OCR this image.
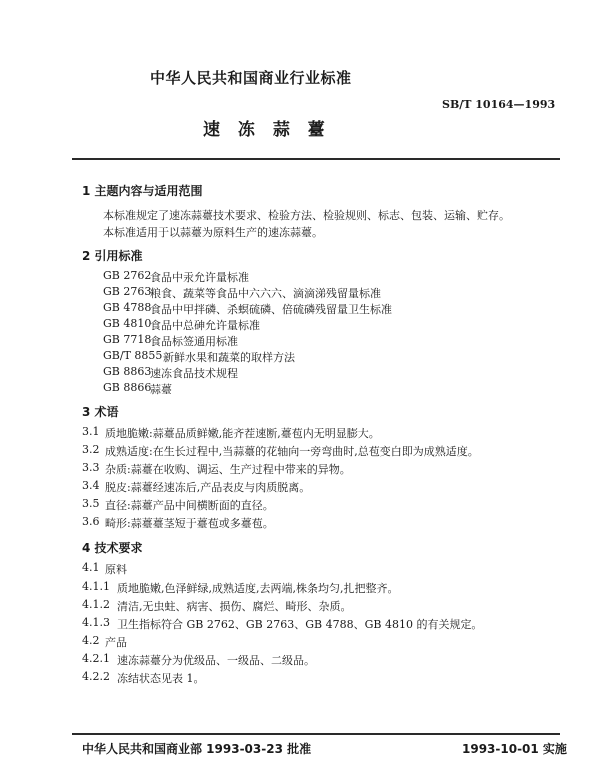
中华人民共和国商业行业标准
SB/T 10164—1993
速 冻 蒜 薹
1 主题内容与适用范围
本标准规定了速冻蒜薹技术要求、检验方法、检验规则、标志、包装、运输、贮存。
本标准适用于以蒜薹为原料生产的速冻蒜薹。
2 引用标准
GB 2762
食品中汞允许量标准
GB 2763
粮食、蔬菜等食品中六六六、滴滴涕残留量标准
GB 4788
食品中甲拌磷、杀螟硫磷、倍硫磷残留量卫生标准
GB 4810
食品中总砷允许量标准
GB 7718
食品标签通用标准
GB/T 8855 新鲜水果和蔬菜的取样方法
GB 8863
速冻食品技术规程
GB 8866
蒜薹
3 术语
3.1 质地脆嫩:蒜薹品质鲜嫩,能齐茬速断,薹苞内无明显膨大。
3.2 成熟适度:在生长过程中,当蒜薹的花轴向一旁弯曲时,总苞变白即为成熟适度。
3.3 杂质:蒜薹在收购、调运、生产过程中带来的异物。
3.4 脱皮:蒜薹经速冻后,产品表皮与肉质脱离。
3.5 直径:蒜薹产品中间横断面的直径。
3.6 畸形:蒜薹薹茎短于薹苞或多薹苞。
4 技术要求
4.1 原料
4.1.1 质地脆嫩,色泽鲜绿,成熟适度,去两端,株条均匀,扎把整齐。
4.1.2 清洁,无虫蛀、病害、损伤、腐烂、畸形、杂质。
4.1.3 卫生指标符合 GB 2762、GB 2763、GB 4788、GB 4810 的有关规定。
4.2 产品
4.2.1 速冻蒜薹分为优级品、一级品、二级品。
4.2.2 冻结状态见表 1。
中华人民共和国商业部 1993-03-23 批准	1993-10-01 实施
